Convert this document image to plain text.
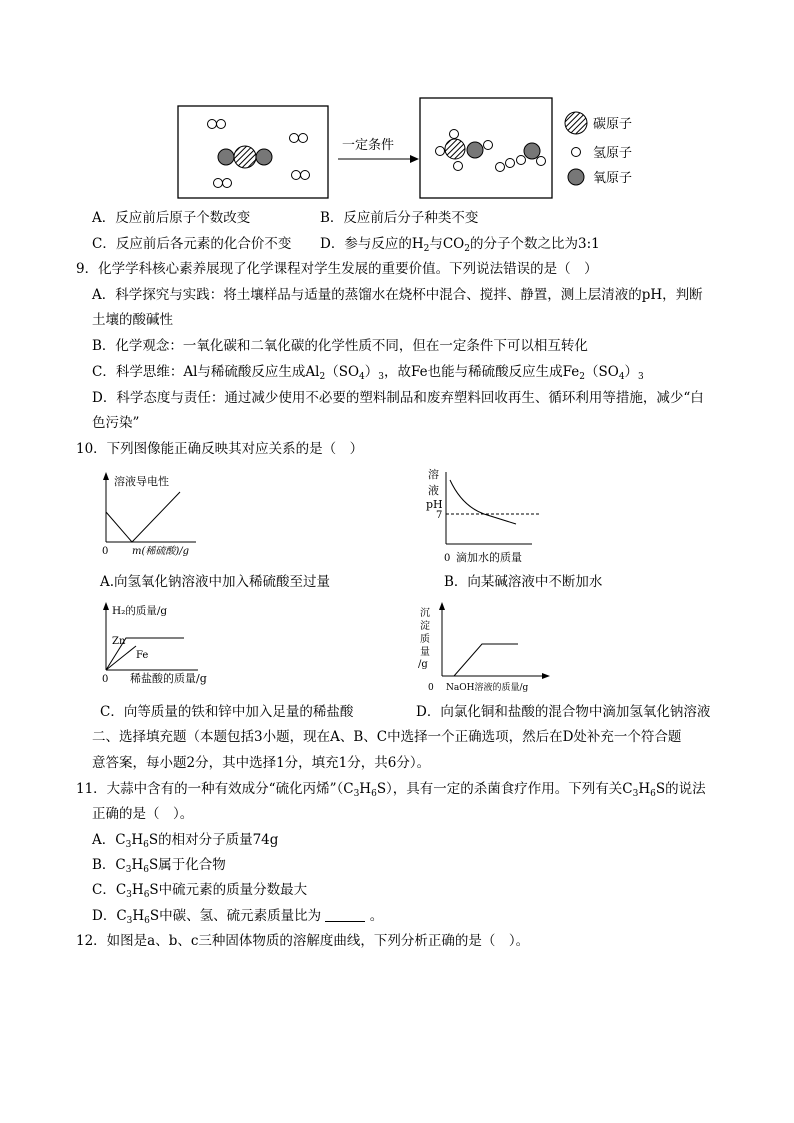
一定条件
碳原子
氢原子
氧原子
A．反应前后原子个数改变	B．反应前后分子种类不变
C．反应前后各元素的化合价不变 D．参与反应的$H_2$与$CO_2$的分子个数之比为3:1
9．化学学科核心素养展现了化学课程对学生发展的重要价值。下列说法错误的是（　）
A．科学探究与实践：将土壤样品与适量的蒸馏水在烧杯中混合、搅拌、静置，测上层清液的pH，判断
土壤的酸碱性
B．化学观念：一氧化碳和二氧化碳的化学性质不同，但在一定条件下可以相互转化
C．科学思维：Al与稀硫酸反应生成$Al_2(SO_4)_3$，故Fe也能与稀硫酸反应生成$Fe_2(SO_4)_3$
D．科学态度与责任：通过减少使用不必要的塑料制品和废弃塑料回收再生、循环利用等措施，减少“白
色污染”
10．下列图像能正确反映其对应关系的是（　）
溶液导电性
0 m(稀硫酸)/g
A.向氢氧化钠溶液中加入稀硫酸至过量
溶
液
pH
7
0 滴加水的质量
B．向某碱溶液中不断加水
H₂的质量/g
Zn
Fe
0 稀盐酸的质量/g
C．向等质量的铁和锌中加入足量的稀盐酸
沉
淀
质
量
/g
0 NaOH溶液的质量/g
D．向氯化铜和盐酸的混合物中滴加氢氧化钠溶液
二、选择填充题（本题包括3小题，现在A、B、C中选择一个正确选项，然后在D处补充一个符合题
意答案，每小题2分，其中选择1分，填充1分，共6分）。
11．大蒜中含有的一种有效成分“硫化丙烯$”(C_3H_6S)$，具有一定的杀菌食疗作用。下列有关$C_3H_6S$的说法
正确的是（　）。
A．$C_3H_6S$的相对分子质量74g
B．$C_3H_6S$属于化合物
C．$C_3H_6S$中硫元素的质量分数最大
D．$C_3H_6S$中碳、氢、硫元素质量比为	。
12．如图是a、b、c三种固体物质的溶解度曲线，下列分析正确的是（　）。
